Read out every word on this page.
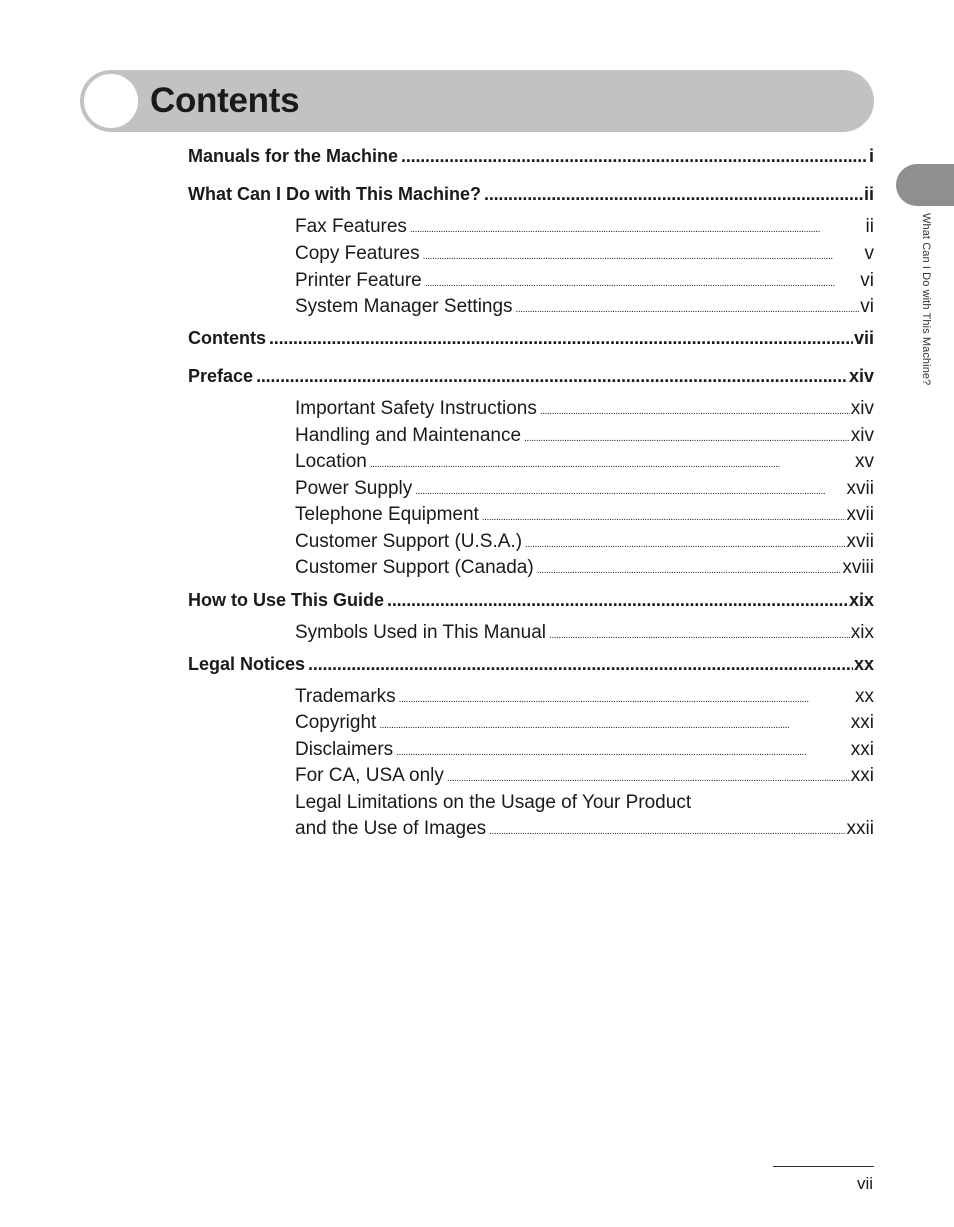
Contents
What Can I Do with This Machine?
Manuals for the Machine . . .	i
What Can I Do with This Machine? . . .	ii
Fax Features . . .	ii
Copy Features . . .	v
Printer Feature . . .	vi
System Manager Settings . . .	vi
Contents . . .	vii
Preface . . .	xiv
Important Safety Instructions . . .	xiv
Handling and Maintenance . . .	xiv
Location . . .	xv
Power Supply . . .	xvii
Telephone Equipment . . .	xvii
Customer Support (U.S.A.) . . .	xvii
Customer Support (Canada) . . .	xviii
How to Use This Guide . . .	xix
Symbols Used in This Manual . . .	xix
Legal Notices . . .	xx
Trademarks . . .	xx
Copyright . . .	xxi
Disclaimers . . .	xxi
For CA, USA only . . .	xxi
Legal Limitations on the Usage of Your Product
and the Use of Images . . .	xxii
vii
